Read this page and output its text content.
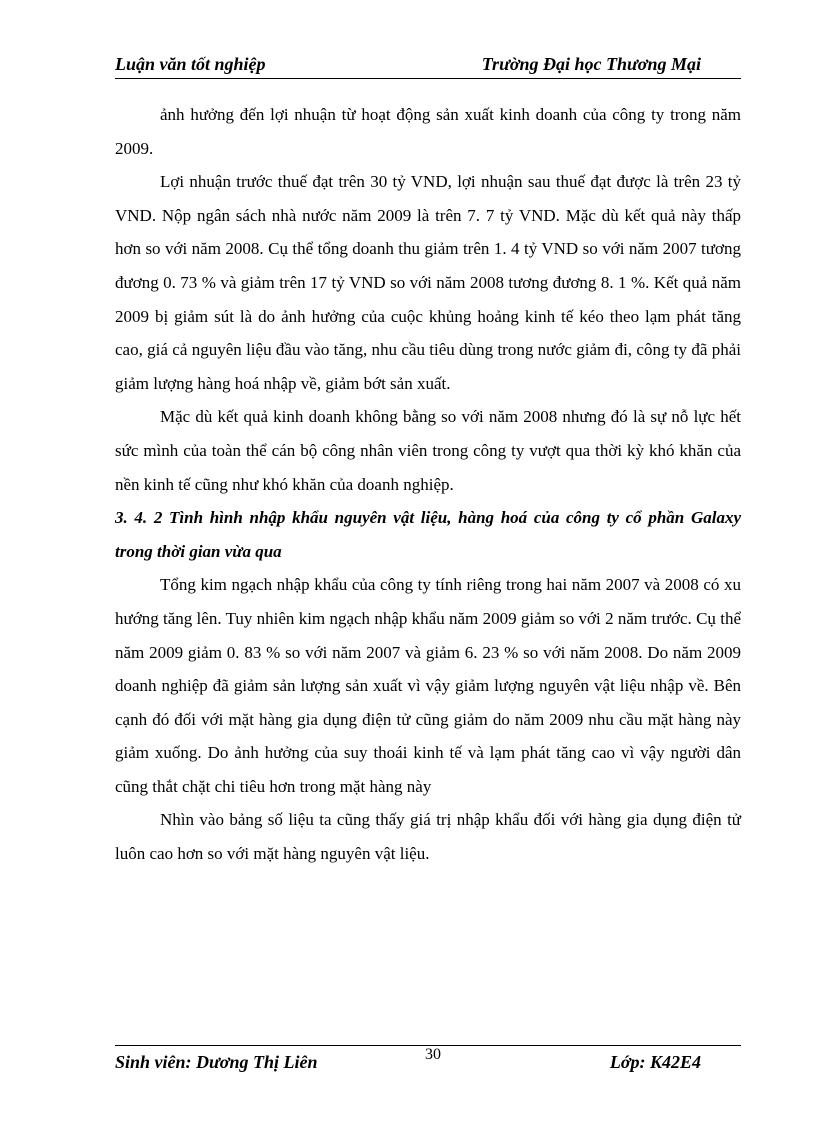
Luận văn tốt nghiệp	Trường Đại học Thương Mại

ảnh hưởng đến lợi nhuận từ hoạt động sản xuất kinh doanh của công ty trong năm 2009.

Lợi nhuận trước thuế đạt trên 30 tỷ VND, lợi nhuận sau thuế đạt được là trên 23 tỷ VND. Nộp ngân sách nhà nước năm 2009 là trên 7. 7 tỷ VND. Mặc dù kết quả này thấp hơn so với năm 2008. Cụ thể tổng doanh thu giảm trên 1. 4 tỷ VND so với năm 2007 tương đương 0. 73 % và giảm trên 17 tỷ VND so với năm 2008 tương đương 8. 1 %. Kết quả năm 2009 bị giảm sút là do ảnh hưởng của cuộc khủng hoảng kinh tế kéo theo lạm phát tăng cao, giá cả nguyên liệu đầu vào tăng, nhu cầu tiêu dùng trong nước giảm đi, công ty đã phải giảm lượng hàng hoá nhập về, giảm bớt sản xuất.

Mặc dù kết quả kinh doanh không bằng so với năm 2008 nhưng đó là sự nỗ lực hết sức mình của toàn thể cán bộ công nhân viên trong công ty vượt qua thời kỳ khó khăn của nền kinh tế cũng như khó khăn của doanh nghiệp.

3. 4. 2 Tình hình nhập khẩu nguyên vật liệu, hàng hoá của công ty cổ phần Galaxy trong thời gian vừa qua

Tổng kim ngạch nhập khẩu của công ty tính riêng trong hai năm 2007 và 2008 có xu hướng tăng lên. Tuy nhiên kim ngạch nhập khẩu năm 2009 giảm so với 2 năm trước. Cụ thể năm 2009 giảm 0. 83 % so với năm 2007 và giảm 6. 23 % so với năm 2008. Do năm 2009 doanh nghiệp đã giảm sản lượng sản xuất vì vậy giảm lượng nguyên vật liệu nhập về. Bên cạnh đó đối với mặt hàng gia dụng điện tử cũng giảm do năm 2009 nhu cầu mặt hàng này giảm xuống. Do ảnh hưởng của suy thoái kinh tế và lạm phát tăng cao vì vậy người dân cũng thắt chặt chi tiêu hơn trong mặt hàng này

Nhìn vào bảng số liệu ta cũng thấy giá trị nhập khẩu đối với hàng gia dụng điện tử luôn cao hơn so với mặt hàng nguyên vật liệu.

Sinh viên: Dương Thị Liên	30	Lớp: K42E4
